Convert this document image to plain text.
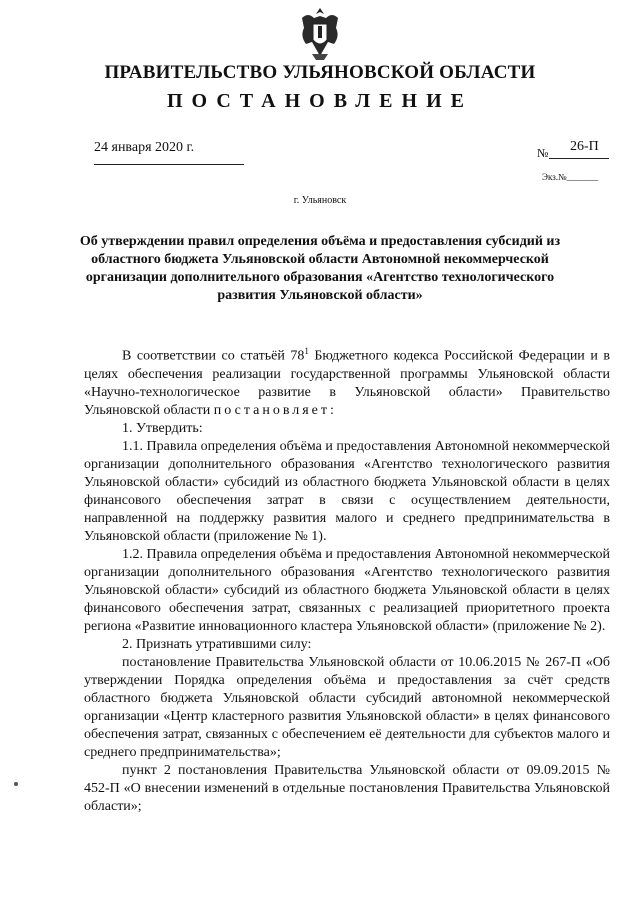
ПРАВИТЕЛЬСТВО УЛЬЯНОВСКОЙ ОБЛАСТИ
ПОСТАНОВЛЕНИЕ
24 января 2020 г.	№ 26-П
Экз.№_______
г. Ульяновск
Об утверждении правил определения объёма и предоставления субсидий из областного бюджета Ульяновской области Автономной некоммерческой организации дополнительного образования «Агентство технологического развития Ульяновской области»

В соответствии со статьёй $78^1$ Бюджетного кодекса Российской Федерации и в целях обеспечения реализации государственной программы Ульяновской области «Научно-технологическое развитие в Ульяновской области» Правительство Ульяновской области постановляет:

1. Утвердить:

1.1. Правила определения объёма и предоставления Автономной некоммерческой организации дополнительного образования «Агентство технологического развития Ульяновской области» субсидий из областного бюджета Ульяновской области в целях финансового обеспечения затрат в связи с осуществлением деятельности, направленной на поддержку развития малого и среднего предпринимательства в Ульяновской области (приложение № 1).

1.2. Правила определения объёма и предоставления Автономной некоммерческой организации дополнительного образования «Агентство технологического развития Ульяновской области» субсидий из областного бюджета Ульяновской области в целях финансового обеспечения затрат, связанных с реализацией приоритетного проекта региона «Развитие инновационного кластера Ульяновской области» (приложение № 2).

2. Признать утратившими силу:

постановление Правительства Ульяновской области от 10.06.2015 № 267-П «Об утверждении Порядка определения объёма и предоставления за счёт средств областного бюджета Ульяновской области субсидий автономной некоммерческой организации «Центр кластерного развития Ульяновской области» в целях финансового обеспечения затрат, связанных с обеспечением её деятельности для субъектов малого и среднего предпринимательства»;

пункт 2 постановления Правительства Ульяновской области от 09.09.2015 № 452-П «О внесении изменений в отдельные постановления Правительства Ульяновской области»;
